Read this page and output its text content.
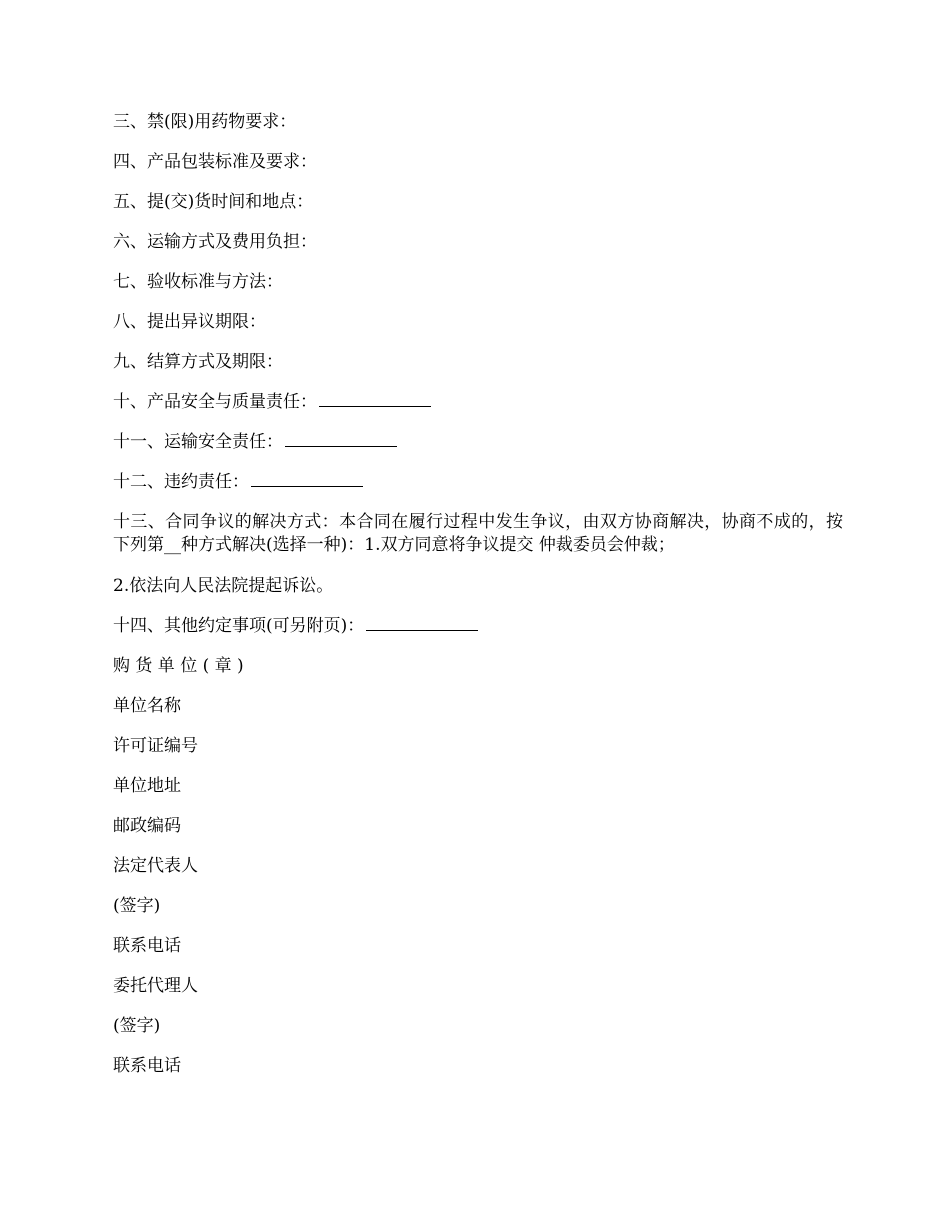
三、禁(限)用药物要求：
四、产品包装标准及要求：
五、提(交)货时间和地点：
六、运输方式及费用负担：
七、验收标准与方法：
八、提出异议期限：
九、结算方式及期限：
十、产品安全与质量责任：
十一、运输安全责任：
十二、违约责任：
十三、合同争议的解决方式：本合同在履行过程中发生争议，由双方协商解决，协商不成的，按下列第__种方式解决(选择一种)：1.双方同意将争议提交 仲裁委员会仲裁；
2.依法向人民法院提起诉讼。
十四、其他约定事项(可另附页)：
购 货 单 位 ( 章 )
单位名称
许可证编号
单位地址
邮政编码
法定代表人
(签字)
联系电话
委托代理人
(签字)
联系电话
